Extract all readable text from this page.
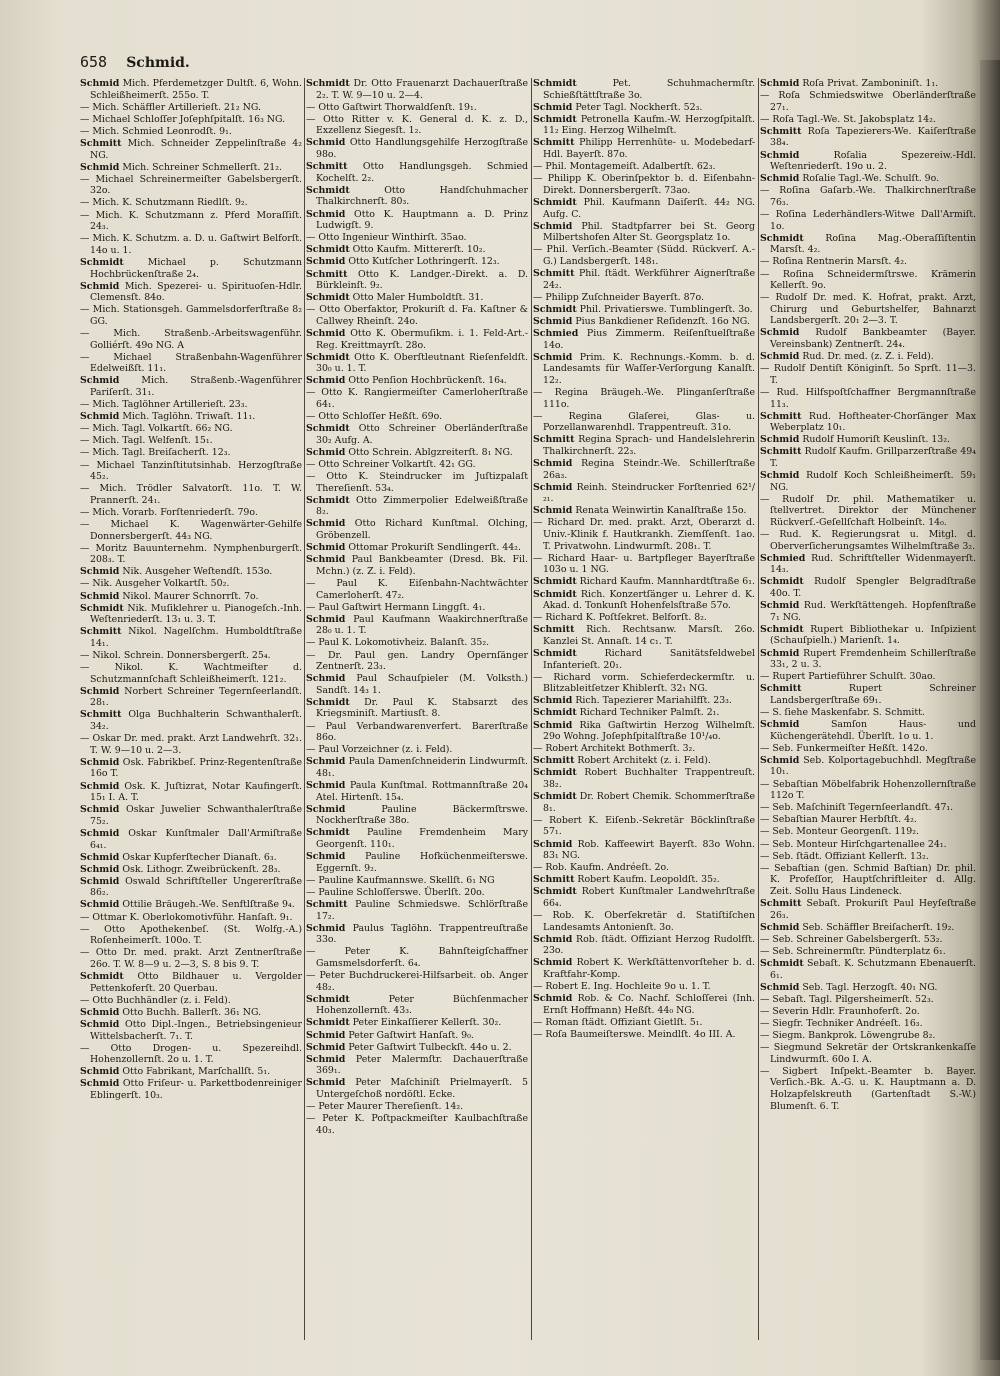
658 Schmid.
Schmid Mich. Pferdemetzger Dultſt. 6, Wohn. Schleißheimerſt. 255o. T.
— Mich. Schäffler Artillerieſt. 21₂ NG.
— Michael Schloſſer Joſephſpitalſt. 16₃ NG.
— Mich. Schmied Leonrodſt. 9₁.
Schmitt Mich. Schneider Zeppelinſtraße 4₂ NG.
Schmid Mich. Schreiner Schmellerſt. 21₂.
— Michael Schreinermeiſter Gabelsbergerſt. 32o.
— Mich. K. Schutzmann Riedlſt. 9₂.
— Mich. K. Schutzmann z. Pferd Moraſſiſt. 24₃.
— Mich. K. Schutzm. a. D. u. Gaſtwirt Belforſt. 14o u. 1.
Schmidt	Michael p. Schutzmann Hochbrückenſtraße 2₄.
Schmid Mich. Spezerei- u. Spirituoſen-Hdlr. Clemensſt. 84o.
— Mich. Stationsgeh. Gammelsdorferſtraße 8₂ GG.
— Mich. Straßenb.-Arbeitswagenführ. Golliérſt. 49o NG. A
— Michael Straßenbahn-Wagenführer Edelweißſt. 11₁.
Schmid Mich. Straßenb.-Wagenführer Pariſerſt. 31₁.
— Mich. Taglöhner Artillerieſt. 23₃.
Schmid Mich. Taglöhn. Triwaſt. 11₁.
— Mich. Tagl. Volkartſt. 66₂ NG.
— Mich. Tagl. Welfenſt. 15₁.
— Mich. Tagl. Breiſacherſt. 12₃.
— Michael Tanzinſtitutsinhab. Herzogſtraße 45₂.
— Mich. Trödler Salvatorſt. 11o. T. W. Prannerſt. 24₁.
— Mich. Vorarb. Forſtenriederſt. 79o.
— Michael K. Wagenwärter-Gehilfe Donnersbergerſt. 44₃ NG.
— Moritz Bauunternehm. Nymphenburgerſt. 208₃. T.
Schmid Nik. Ausgeher Weſtendſt. 153o.
— Nik. Ausgeher Volkartſt. 50₂.
Schmid Nikol. Maurer Schnorrſt. 7o.
Schmidt Nik. Muſiklehrer u. Pianogeſch.-Inh. Weſtenriederſt. 13₁ u. 3. T.
Schmitt Nikol. Nagelſchm. Humboldtſtraße 14₁.
— Nikol. Schrein. Donnersbergerſt. 25₄.
— Nikol. K. Wachtmeiſter d. Schutzmannſchaft Schleißheimerſt. 121₂.
Schmid Norbert Schreiner Tegernſeerlandſt. 28₁.
Schmitt Olga Buchhalterin Schwanthalerſt. 34₂.
— Oskar Dr. med. prakt. Arzt Landwehrſt. 32₁. T. W. 9—10 u. 2—3.
Schmid Osk. Fabrikbeſ. Prinz-Regentenſtraße 16o T.
Schmid Osk. K. Juſtizrat, Notar Kaufingerſt. 15₁ I. A. T.
Schmid Oskar Juwelier Schwanthalerſtraße 75₂.
Schmid Oskar Kunſtmaler Dall'Armiſtraße 6₄₁.
Schmid Oskar Kupferſtecher Dianaſt. 6₃.
Schmid Osk. Lithogr. Zweibrückenſt. 28₃.
Schmid Oswald Schriftſteller Ungererſtraße 86₂.
Schmid Ottilie Bräugeh.-We. Senftlſtraße 9₄.
— Ottmar K. Oberlokomotivführ. Hanſaſt. 9₁.
— Otto Apothekenbeſ. (St. Wolfg.-A.) Roſenheimerſt. 100o. T.
— Otto Dr. med. prakt. Arzt Zentnerſtraße 26o. T. W. 8—9 u. 2—3, S. 8 bis 9. T.
Schmidt Otto Bildhauer u. Vergolder Pettenkoferſt. 20 Querbau.
— Otto Buchhändler (z. i. Feld).
Schmid Otto Buchh. Ballerſt. 36₁ NG.
Schmid Otto Dipl.-Ingen., Betriebsingenieur Wittelsbacherſt. 7₁. T.
— Otto Drogen- u. Spezereihdl. Hohenzollernſt. 2o u. 1. T.
Schmid Otto Fabrikant, Marſchallſt. 5₁.
Schmid Otto Friſeur- u. Parkettbodenreiniger Eblingerſt. 10₃.
Schmidt Dr. Otto Frauenarzt Dachauerſtraße 2₂. T. W. 9—10 u. 2—4.
— Otto Gaſtwirt Thorwaldſenſt. 19₁.
— Otto Ritter v. K. General d. K. z. D., Exzellenz Siegesſt. 1₂.
Schmid Otto Handlungsgehilfe Herzogſtraße 98o.
Schmitt Otto Handlungsgeh. Schmied Kochelſt. 2₂.
Schmidt	Otto Handſchuhmacher Thalkirchnerſt. 80₃.
Schmid Otto K. Hauptmann a. D. Prinz Ludwigſt. 9.
— Otto Ingenieur Winthirſt. 35ao.
Schmidt Otto Kaufm. Mittererſt. 10₂.
Schmid Otto Kutſcher Lothringerſt. 12₃.
Schmitt Otto K. Landger.-Direkt. a. D. Bürkleinſt. 9₂.
Schmidt Otto Maler Humboldtſt. 31.
— Otto Oberfaktor, Prokuriſt d. Fa. Kaſtner & Callwey Rheinſt. 24o.
Schmid Otto K. Obermuſikm. i. 1. Feld-Art.-Reg. Kreittmayrſt. 28o.
Schmidt Otto K. Oberſtleutnant Rieſenfeldſt. 30₀ u. 1. T.
Schmid Otto Penſion Hochbrückenſt. 16₄.
— Otto K. Rangiermeiſter Camerloherſtraße 64₁.
— Otto Schloſſer Heßſt. 69o.
Schmidt Otto Schreiner Oberländerſtraße 30₂ Aufg. A.
Schmid Otto Schrein. Ablgzreiterſt. 8₁ NG.
— Otto Schreiner Volkartſt. 42₁ GG.
— Otto K. Steindrucker im Juſtizpalaſt Thereſienſt. 53₄.
Schmidt Otto Zimmerpolier Edelweißſtraße 8₂.
Schmid Otto Richard Kunſtmal. Olching, Gröbenzell.
Schmid Ottomar Prokuriſt Sendlingerſt. 44₂.
Schmid Paul Bankbeamter (Dresd. Bk. Fil. Mchn.) (z. Z. i. Feld).
— Paul K. Eiſenbahn-Nachtwächter Camerloherſt. 47₂.
— Paul Gaſtwirt Hermann Linggſt. 4₁.
Schmid Paul Kaufmann Waakirchnerſtraße 28₀ u. 1. T.
— Paul K. Lokomotivheiz. Balanſt. 35₂.
— Dr. Paul gen. Landry Opernſänger Zentnerſt. 23₃.
Schmid Paul Schauſpieler (M. Volksth.) Sandſt. 14₃ 1.
Schmidt Dr. Paul K. Stabsarzt des Kriegsminiſt. Martiusſt. 8.
— Paul Verbandwarenverfert. Barerſtraße 86o.
— Paul Vorzeichner (z. i. Feld).
Schmid Paula Damenſchneiderin Lindwurmſt. 48₁.
Schmid Paula Kunſtmal. Rottmannſtraße 20₄ Atel. Hirtenſt. 15₄.
Schmid	Pauline Bäckermſtrswe. Nockherſtraße 38o.
Schmidt Pauline Fremdenheim Mary Georgenſt. 110₁.
Schmid Pauline Hofküchenmeiſterswe. Eggernſt. 9₂.
— Pauline Kaufmannswe. Skellſt. 6₁ NG
— Pauline Schloſſerswe. Überlſt. 20o.
Schmitt Pauline Schmiedswe. Schlörſtraße 17₂.
Schmid Paulus Taglöhn. Trappentreuſtraße 33o.
— Peter K. Bahnſteigſchaffner Gamsmelsdorferſt. 6₄.
— Peter Buchdruckerei-Hilfsarbeit. ob. Anger 48₂.
Schmidt	Peter Büchſenmacher Hohenzollernſt. 43₃.
Schmidt Peter Einkaſſierer Kellerſt. 30₂.
Schmid Peter Gaſtwirt Hanſaſt. 9₀.
Schmid Peter Gaſtwirt Tulbeckſt. 44o u. 2.
Schmid Peter Malermſtr. Dachauerſtraße 369₁.
Schmid Peter Maſchiniſt Prielmayerſt. 5 Untergeſchoß nordöſtl. Ecke.
— Peter Maurer Thereſienſt. 14₂.
— Peter K. Poſtpackmeiſter Kaulbachſtraße 40₃.
Schmidt	Pet. Schuhmachermſtr. Schießſtättſtraße 3o.
Schmid Peter Tagl. Nockherſt. 52₃.
Schmidt Petronella Kaufm.-W. Herzogſpitalſt. 11₂ Eing. Herzog Wilhelmſt.
Schmitt Philipp Herrenhüte- u. Modebedarf-Hdl. Bayerſt. 87o.
— Phil. Montagemeiſt. Adalbertſt. 62₃.
— Philipp K. Oberinſpektor b. d. Eiſenbahn-Direkt. Donnersbergerſt. 73ao.
Schmidt Phil. Kaufmann Daiſerſt. 44₂ NG. Aufg. C.
Schmid Phil. Stadtpfarrer bei St. Georg Milbertshofen Alter St. Georgsplatz 1o.
— Phil. Verſich.-Beamter (Südd. Rückverſ. A.-G.) Landsbergerſt. 148₁.
Schmitt Phil. ſtädt. Werkführer Aignerſtraße 24₂.
— Philipp Zuſchneider Bayerſt. 87o.
Schmidt Phil. Privatierswe. Tumblingerſt. 3o.
Schmid Pius Bankdiener Reſidenzſt. 16o NG.
Schmied Pius Zimmerm. Reiſenſtuelſtraße 14o.
Schmid Prim. K. Rechnungs.-Komm. b. d. Landesamts für Waſſer-Verſorgung Kanalſt. 12₂.
— Regina Bräugeh.-We. Plinganſerſtraße 111o.
— Regina Glaſerei, Glas- u. Porzellanwarenhdl. Trappentreuſt. 31o.
Schmitt Regina Sprach- und Handelslehrerin Thalkirchnerſt. 22₃.
Schmid Regina Steindr.-We. Schillerſtraße 26a₃.
Schmid Reinh. Steindrucker Forſtenried 62¹/₂₁.
Schmid Renata Weinwirtin Kanalſtraße 15o.
— Richard Dr. med. prakt. Arzt, Oberarzt d. Univ.-Klinik f. Hautkrankh. Ziemſſenſt. 1ao. T. Privatwohn. Lindwurmſt. 208₁. T.
— Richard Haar- u. Bartpfleger Bayerſtraße 103o u. 1 NG.
Schmidt Richard Kaufm. Mannhardtſtraße 6₁.
Schmidt Rich. Konzertſänger u. Lehrer d. K. Akad. d. Tonkunſt Hohenfelsſtraße 57o.
— Richard K. Poſtſekret. Belforſt. 8₂.
Schmitt Rich. Rechtsanw. Marsſt. 26o. Kanzlei St. Annaſt. 14 c₁. T.
Schmidt	Richard Sanitätsfeldwebel Infanterieſt. 20₁.
— Richard vorm. Schieferdeckermſtr. u. Blitzableitſetzer Khiblerſt. 32₁ NG.
Schmid Rich. Tapezierer Mariahilfſt. 23₃.
Schmidt Richard Techniker Palmſt. 2₁.
Schmid Rika Gaſtwirtin Herzog Wilhelmſt. 29o Wohng. Joſephſpitalſtraße 10¹/₄o.
— Robert Architekt Bothmerſt. 3₂.
Schmitt Robert Architekt (z. i. Feld).
Schmidt Robert Buchhalter Trappentreuſt. 38₂.
Schmidt Dr. Robert Chemik. Schommerſtraße 8₁.
— Robert K. Eiſenb.-Sekretär Böcklinſtraße 57₁.
Schmid Rob. Kaffeewirt Bayerſt. 83o Wohn. 83₁ NG.
— Rob. Kaufm. Andréeſt. 2o.
Schmitt Robert Kaufm. Leopoldſt. 35₂.
Schmidt Robert Kunſtmaler Landwehrſtraße 66₄.
— Rob. K. Oberſekretär d. Statiſtiſchen Landesamts Antonienſt. 3o.
Schmid Rob. ſtädt. Offiziant Herzog Rudolfſt. 23o.
Schmid Robert K. Werkſtättenvorſteher b. d. Kraftfahr-Komp.
— Robert E. Ing. Hochleite 9o u. 1. T.
Schmid Rob. & Co. Nachf. Schloſſerei (Inh. Ernſt Hoffmann) Heßſt. 44₀ NG.
— Roman ſtädt. Offiziant Gietlſt. 5₁.
— Roſa Baumeiſterswe. Meindlſt. 4o III. A.
Schmid Roſa Privat. Zamboniniſt. 1₁.
— Roſa Schmiedswitwe Oberländerſtraße 27₁.
— Roſa Tagl.-We. St. Jakobsplatz 14₂.
Schmitt Roſa Tapezierers-We. Kaiſerſtraße 38₄.
Schmid	Roſalia Spezereiw.-Hdl. Weſtenriederſt. 19o u. 2.
Schmid Roſalie Tagl.-We. Schulſt. 9o.
— Roſina Gaſarb.-We. Thalkirchnerſtraße 76₃.
— Roſina Lederhändlers-Witwe Dall'Armiſt. 1o.
Schmidt Roſina Mag.-Oberaſſiſtentin Marsſt. 4₂.
— Roſina Rentnerin Marsſt. 4₂.
— Roſina Schneidermſtrswe. Krämerin Kellerſt. 9o.
— Rudolf Dr. med. K. Hofrat, prakt. Arzt, Chirurg und Geburtshelfer, Bahnarzt Landsbergerſt. 20₁ 2—3. T.
Schmid Rudolf Bankbeamter (Bayer. Vereinsbank) Zentnerſt. 24₄.
Schmid Rud. Dr. med. (z. Z. i. Feld).
— Rudolf Dentiſt Königinſt. 5o Sprſt. 11—3. T.
— Rud. Hilfspoſtſchaffner Bergmannſtraße 11₃.
Schmitt Rud. Hoftheater-Chorſänger Max Weberplatz 10₁.
Schmid Rudolf Humoriſt Keuslinſt. 13₂.
Schmitt Rudolf Kaufm. Grillparzerſtraße 49₄ T.
Schmid Rudolf Koch Schleißheimerſt. 59₁ NG.
— Rudolf Dr. phil. Mathematiker u. ſtellvertret. Direktor der Münchener Rückverſ.-Geſellſchaft Holbeinſt. 14₀.
— Rud. K. Regierungsrat u. Mitgl. d. Oberverſicherungsamtes Wilhelmſtraße 3₂.
Schmied Rud. Schriftſteller Widenmayerſt. 14₃.
Schmidt Rudolf Spengler Belgradſtraße 40o. T.
Schmid Rud. Werkſtättengeh. Hopfenſtraße 7₁ NG.
Schmidt Rupert Bibliothekar u. Inſpizient (Schauſpielh.) Marienſt. 1₄.
Schmid Rupert Fremdenheim Schillerſtraße 33₁, 2 u. 3.
— Rupert Partieführer Schulſt. 30ao.
Schmitt	Rupert Schreiner Landsbergerſtraße 69₁.
— S. ſiehe Maskenfabr. S. Schmitt.
Schmid	Samſon Haus- und Küchengerätehdl. Überlſt. 1o u. 1.
— Seb. Funkermeiſter Heßſt. 142o.
Schmid Seb. Kolportagebuchhdl. Megſtraße 10₁.
— Sebaſtian Möbelfabrik Hohenzollernſtraße 112o T.
— Seb. Maſchiniſt Tegernſeerlandſt. 47₁.
— Sebaſtian Maurer Herbſtſt. 4₂.
— Seb. Monteur Georgenſt. 119₂.
— Seb. Monteur Hirſchgartenallee 24₁.
— Seb. ſtädt. Offiziant Kellerſt. 13₂.
— Sebaſtian (gen. Schmid Baſtian) Dr. phil. K. Profeſſor, Hauptſchriftleiter d. Allg. Zeit. Sollu Haus Lindeneck.
Schmitt Sebaſt. Prokuriſt Paul Heyſeſtraße 26₃.
Schmid Seb. Schäffler Breiſacherſt. 19₂.
— Seb. Schreiner Gabelsbergerſt. 53₂.
— Seb. Schreinermſtr. Pündterplatz 6₁.
Schmidt Sebaſt. K. Schutzmann Ebenauerſt. 6₁.
Schmid Seb. Tagl. Herzogſt. 40₁ NG.
— Sebaſt. Tagl. Pilgersheimerſt. 52₃.
— Severin Hdlr. Fraunhoferſt. 2o.
— Siegfr. Techniker Andréeſt. 16₃.
— Siegm. Bankprok. Löwengrube 8₂.
— Siegmund Sekretär der Ortskrankenkaſſe Lindwurmſt. 60o I. A.
— Sigbert Inſpekt.-Beamter b. Bayer. Verſich.-Bk. A.-G. u. K. Hauptmann a. D. Holzapfelskreuth (Gartenſtadt S.-W.) Blumenſt. 6. T.
